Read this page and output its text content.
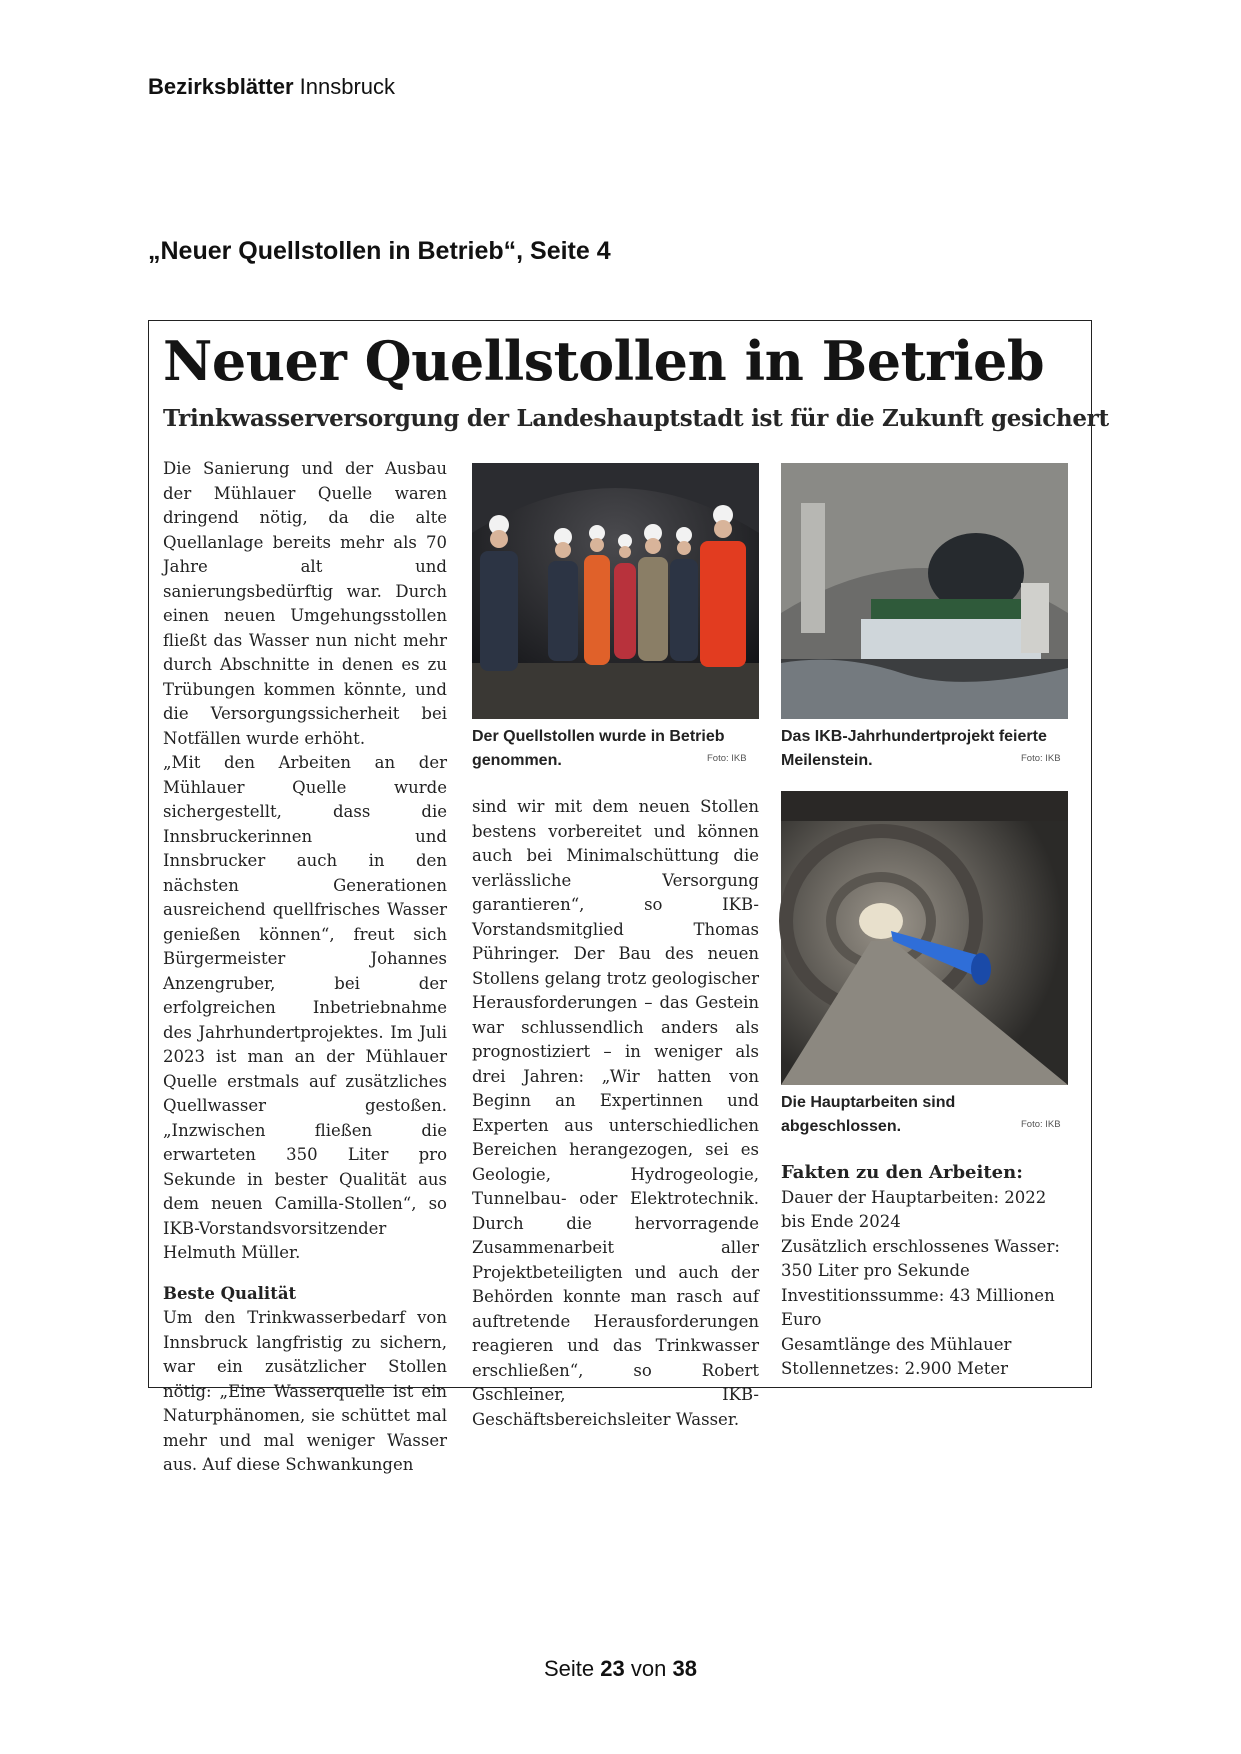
Bezirksblätter Innsbruck
„Neuer Quellstollen in Betrieb“, Seite 4
Neuer Quellstollen in Betrieb
Trinkwasserversorgung der Landeshauptstadt ist für die Zukunft gesichert

Die Sanierung und der Ausbau der Mühlauer Quelle waren dringend nötig, da die alte Quellanlage bereits mehr als 70 Jahre alt und sanierungsbedürftig war. Durch einen neuen Umgehungsstollen fließt das Wasser nun nicht mehr durch Abschnitte in denen es zu Trübungen kommen könnte, und die Versorgungssicherheit bei Notfällen wurde erhöht.

„Mit den Arbeiten an der Mühlauer Quelle wurde sichergestellt, dass die Innsbruckerinnen und Innsbrucker auch in den nächsten Generationen ausreichend quellfrisches Wasser genießen können“, freut sich Bürgermeister Johannes Anzengruber, bei der erfolgreichen Inbetriebnahme des Jahrhundertprojektes. Im Juli 2023 ist man an der Mühlauer Quelle erstmals auf zusätzliches Quellwasser gestoßen. „Inzwischen fließen die erwarteten 350 Liter pro Sekunde in bester Qualität aus dem neuen Camilla-Stollen“, so IKB-Vorstandsvorsitzender Helmuth Müller.

Beste Qualität

Um den Trinkwasserbedarf von Innsbruck langfristig zu sichern, war ein zusätzlicher Stollen nötig: „Eine Wasserquelle ist ein Naturphänomen, sie schüttet mal mehr und mal weniger Wasser aus. Auf diese Schwankungen

Der Quellstollen wurde in Betrieb genommen.	Foto: IKB
Das IKB-Jahrhundertprojekt feierte Meilenstein.	Foto: IKB

sind wir mit dem neuen Stollen bestens vorbereitet und können auch bei Minimalschüttung die verlässliche Versorgung garantieren“, so IKB-Vorstandsmitglied Thomas Pühringer. Der Bau des neuen Stollens gelang trotz geologischer Herausforderungen – das Gestein war schlussendlich anders als prognostiziert – in weniger als drei Jahren: „Wir hatten von Beginn an Expertinnen und Experten aus unterschiedlichen Bereichen herangezogen, sei es Geologie, Hydrogeologie, Tunnelbau- oder Elektrotechnik. Durch die hervorragende Zusammenarbeit aller Projektbeteiligten und auch der Behörden konnte man rasch auf auftretende Herausforderungen reagieren und das Trinkwasser erschließen“, so Robert Gschleiner, IKB-Geschäftsbereichsleiter Wasser.

Die Hauptarbeiten sind abgeschlossen.	Foto: IKB

Fakten zu den Arbeiten:

Dauer der Hauptarbeiten: 2022 bis Ende 2024

Zusätzlich erschlossenes Wasser: 350 Liter pro Sekunde

Investitionssumme: 43 Millionen Euro

Gesamtlänge des Mühlauer Stollennetzes: 2.900 Meter

Seite 23 von 38
